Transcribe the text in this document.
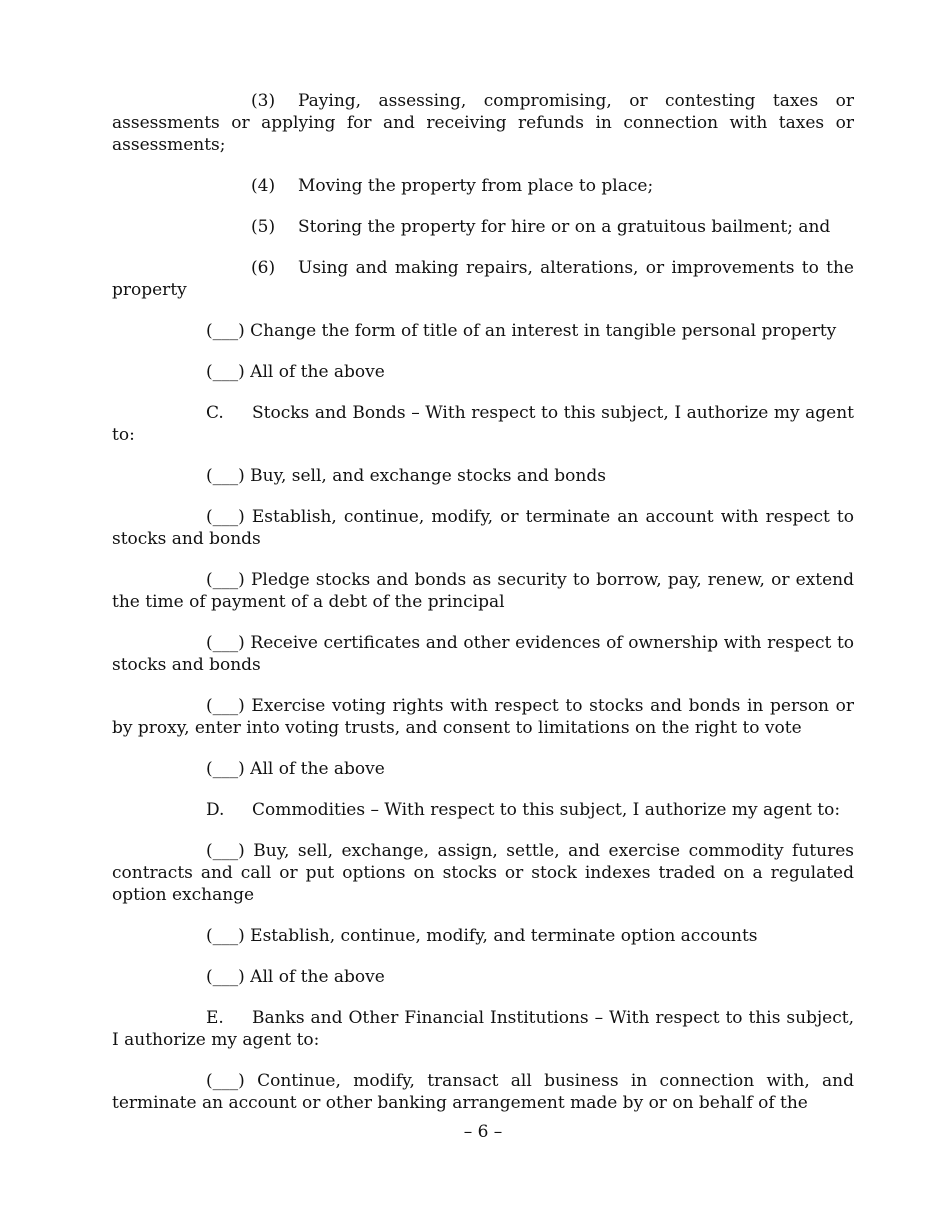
(3) Paying, assessing, compromising, or contesting taxes or assessments or applying for and receiving refunds in connection with taxes or assessments;

(4) Moving the property from place to place;

(5) Storing the property for hire or on a gratuitous bailment; and

(6) Using and making repairs, alterations, or improvements to the property

(___) Change the form of title of an interest in tangible personal property

(___) All of the above

C. Stocks and Bonds – With respect to this subject, I authorize my agent to:

(___) Buy, sell, and exchange stocks and bonds

(___) Establish, continue, modify, or terminate an account with respect to stocks and bonds

(___) Pledge stocks and bonds as security to borrow, pay, renew, or extend the time of payment of a debt of the principal

(___) Receive certificates and other evidences of ownership with respect to stocks and bonds

(___) Exercise voting rights with respect to stocks and bonds in person or by proxy, enter into voting trusts, and consent to limitations on the right to vote

(___) All of the above

D. Commodities – With respect to this subject, I authorize my agent to:

(___) Buy, sell, exchange, assign, settle, and exercise commodity futures contracts and call or put options on stocks or stock indexes traded on a regulated option exchange

(___) Establish, continue, modify, and terminate option accounts

(___) All of the above

E. Banks and Other Financial Institutions – With respect to this subject, I authorize my agent to:

(___) Continue, modify, transact all business in connection with, and terminate an account or other banking arrangement made by or on behalf of the

– 6 –
